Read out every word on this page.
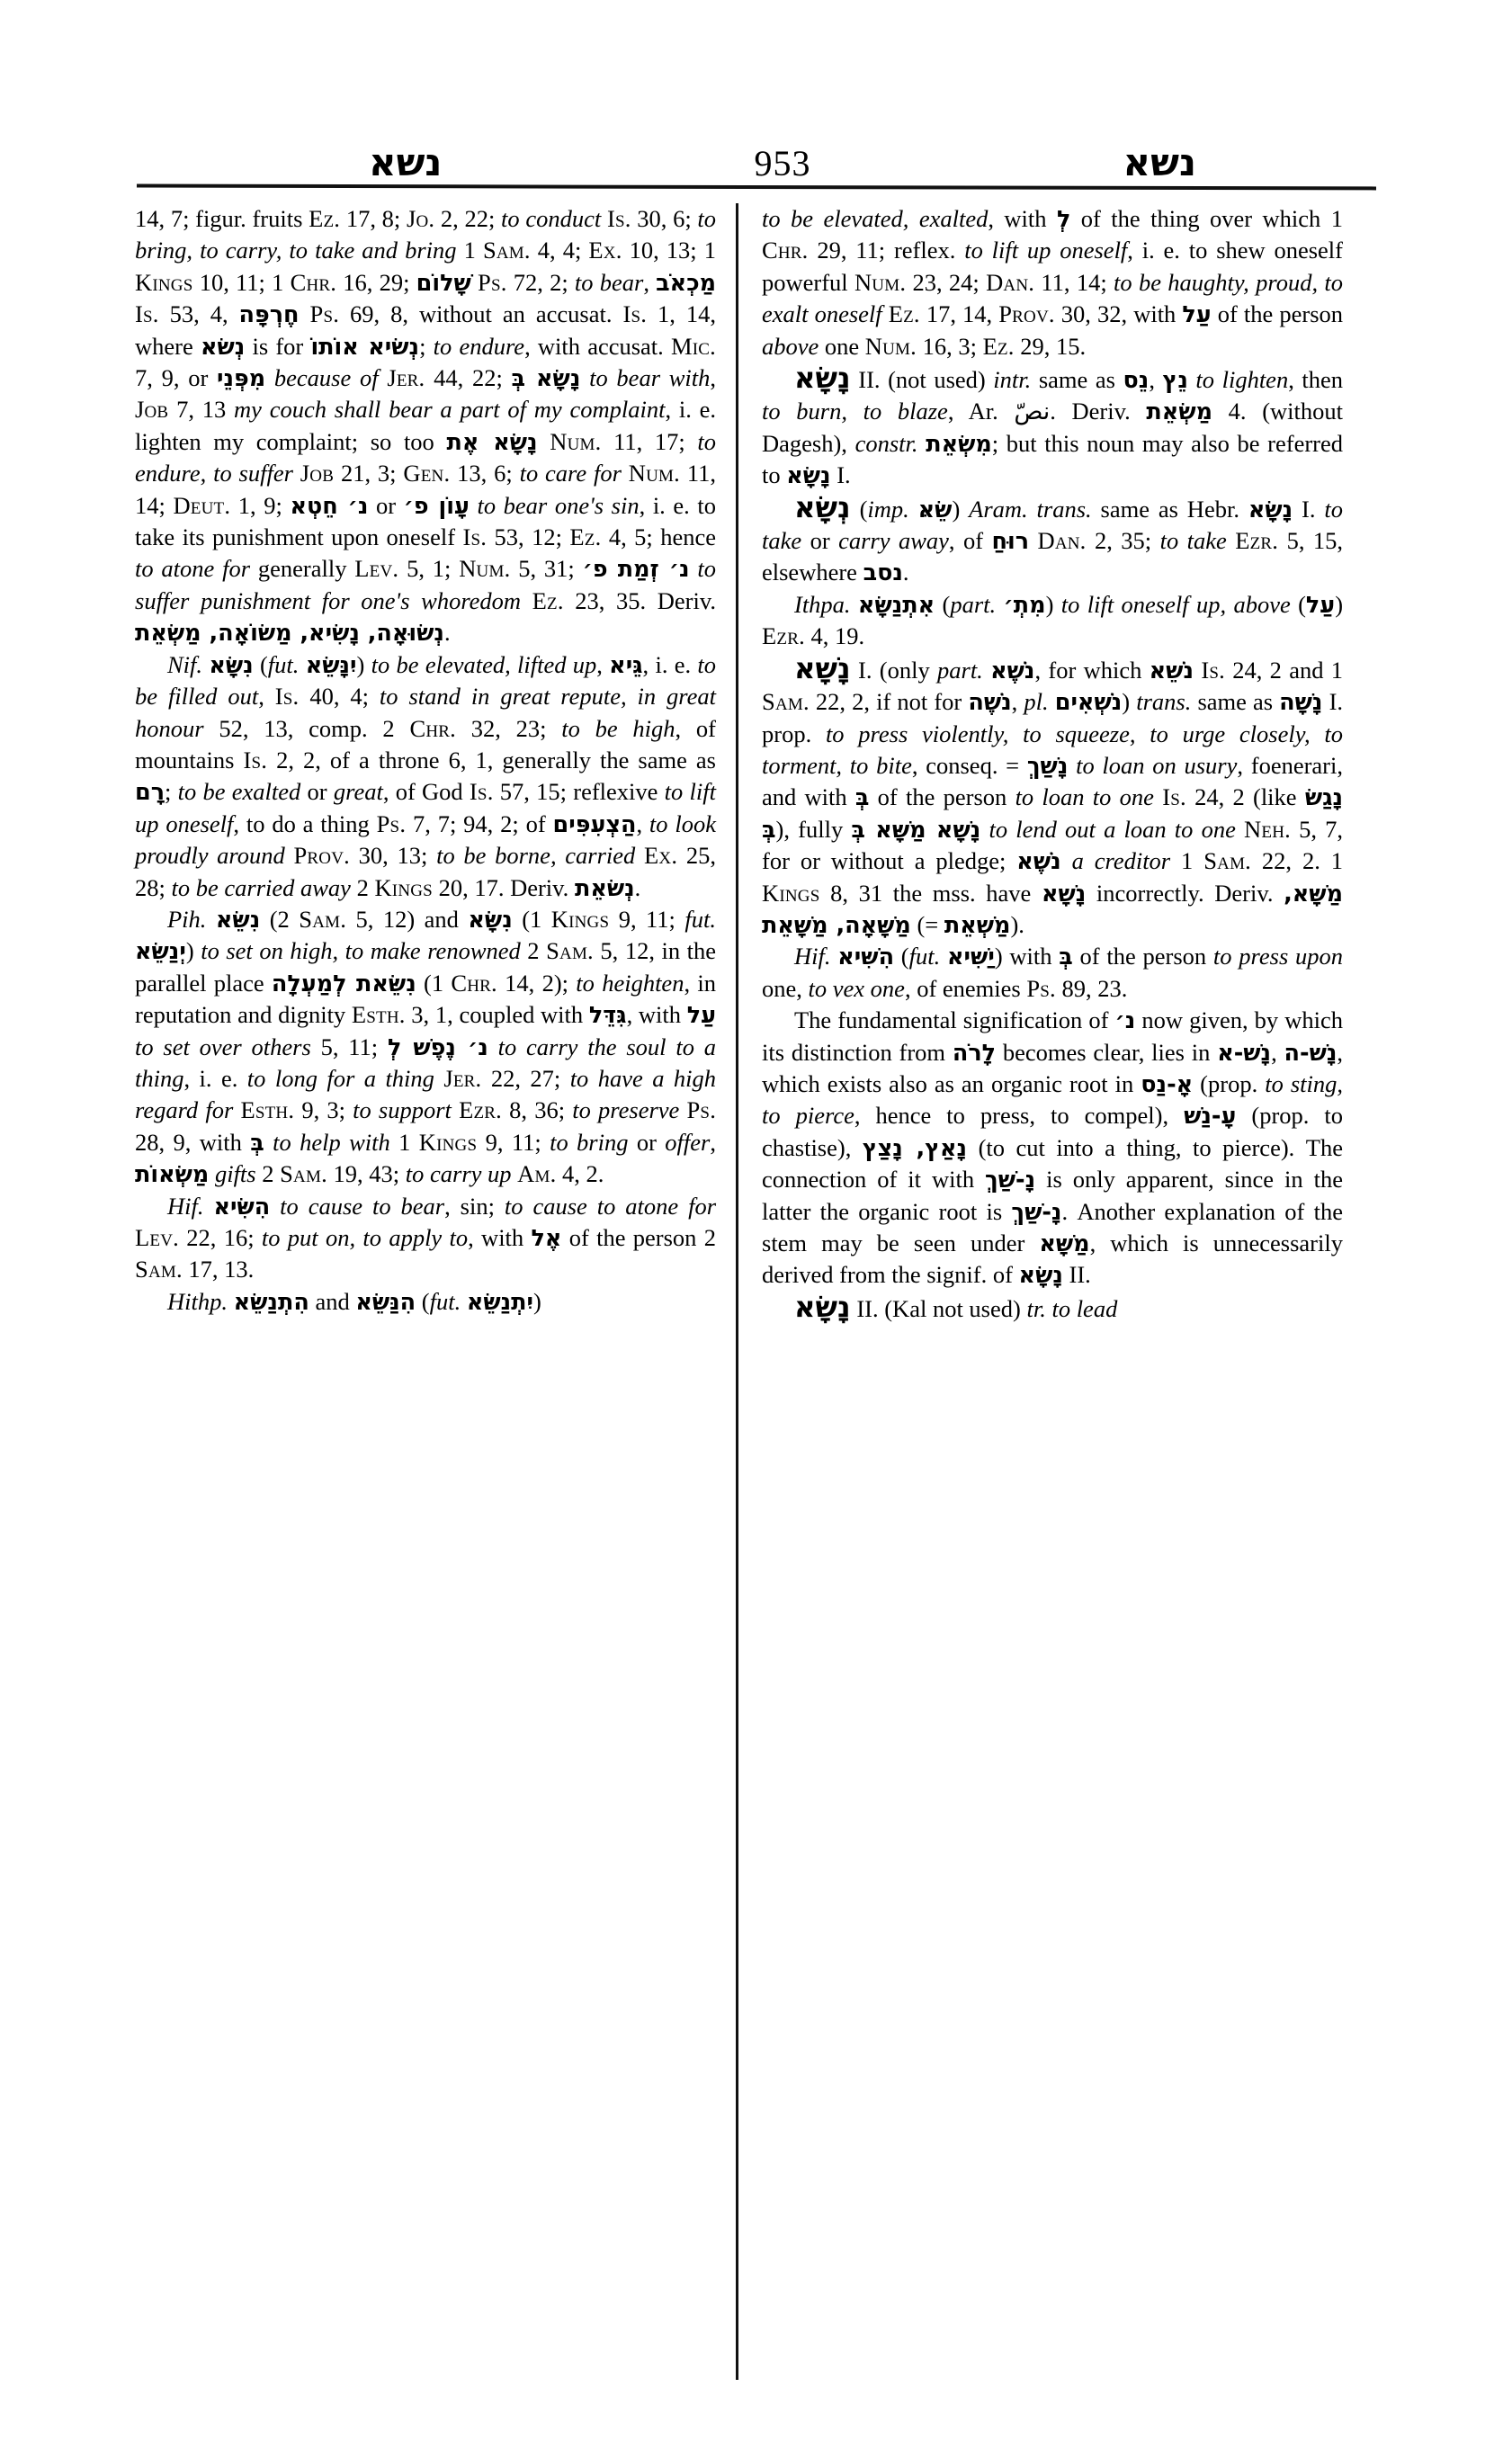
נשא	953	נשא

14, 7; figur. fruits Ez. 17, 8; Jo. 2, 22; to conduct Is. 30, 6; to bring, to carry, to take and bring 1 Sam. 4, 4; Ex. 10, 13; 1 Kings 10, 11; 1 Chr. 16, 29; שָׁלוֹם Ps. 72, 2; to bear, מַכְאֹב Is. 53, 4, חֶרְפָּה Ps. 69, 8, without an accusat. Is. 1, 14, where נְשׂא is for נְשׂיא אוֹתוֹ; to endure, with accusat. Mic. 7, 9, or מִפְּנֵי because of Jer. 44, 22; נָשָׂא בְּ to bear with, Job 7, 13 my couch shall bear a part of my complaint, i. e. lighten my complaint; so too נָשָׂא אֶת Num. 11, 17; to endure, to suffer Job 21, 3; Gen. 13, 6; to care for Num. 11, 14; Deut. 1, 9; נ׳ חֵטְא or עָוֹן פ׳ to bear one's sin, i. e. to take its punishment upon oneself Is. 53, 12; Ez. 4, 5; hence to atone for generally Lev. 5, 1; Num. 5, 31; נ׳ זְמַת פ׳ to suffer punishment for one's whoredom Ez. 23, 35. Deriv. נְשׂוּאָה, נָשִׂיא, מַשׂוֹאָה, מַשְׂאֵת.

Nif. נִשָּׂא (fut. יִנָּשֵׂא) to be elevated, lifted up, גֵּיא, i. e. to be filled out, Is. 40, 4; to stand in great repute, in great honour 52, 13, comp. 2 Chr. 32, 23; to be high, of mountains Is. 2, 2, of a throne 6, 1, generally the same as רָם; to be exalted or great, of God Is. 57, 15; reflexive to lift up oneself, to do a thing Ps. 7, 7; 94, 2; of הַצְעִפִּים, to look proudly around Prov. 30, 13; to be borne, carried Ex. 25, 28; to be carried away 2 Kings 20, 17. Deriv. נְשׂאֵת.

Pih. נִשֵּׂא (2 Sam. 5, 12) and נִשָּׂא (1 Kings 9, 11; fut. יְנַשֵּׂא) to set on high, to make renowned 2 Sam. 5, 12, in the parallel place נִשֵּׂאת לְמַעְלָה (1 Chr. 14, 2); to heighten, in reputation and dignity Esth. 3, 1, coupled with גִּדֵּל, with עַל to set over others 5, 11; נ׳ נֶפֶשׁ לְ to carry the soul to a thing, i. e. to long for a thing Jer. 22, 27; to have a high regard for Esth. 9, 3; to support Ezr. 8, 36; to preserve Ps. 28, 9, with בְּ to help with 1 Kings 9, 11; to bring or offer, מַשְׂאוֹת gifts 2 Sam. 19, 43; to carry up Am. 4, 2.

Hif. הִשִּׂיא to cause to bear, sin; to cause to atone for Lev. 22, 16; to put on, to apply to, with אֶל of the person 2 Sam. 17, 13.

Hithp. הִתְנַשֵּׂא and הִנַּשֵּׂא (fut. יִתְנַשֵּׂא)

to be elevated, exalted, with לְ of the thing over which 1 Chr. 29, 11; reflex. to lift up oneself, i. e. to shew oneself powerful Num. 23, 24; Dan. 11, 14; to be haughty, proud, to exalt oneself Ez. 17, 14, Prov. 30, 32, with עַל of the person above one Num. 16, 3; Ez. 29, 15.

נָשָׂא II. (not used) intr. same as נֵס, נֵץ to lighten, then to burn, to blaze, Ar. نصّ. Deriv. מַשְׂאֵת 4. (without Dagesh), constr. מִשְׂאֵת; but this noun may also be referred to נָשָׂא I.

נְשָׂא (imp. שֵׂאּ) Aram. trans. same as Hebr. נָשָׂא I. to take or carry away, of רוּחַ Dan. 2, 35; to take Ezr. 5, 15, elsewhere נסב.

Ithpa. אִתְנַשָּׂא (part. מִתְ׳) to lift oneself up, above (עַל) Ezr. 4, 19.

נָשָׁא I. (only part. נֹשֶׁא, for which נֹשֵׁא Is. 24, 2 and 1 Sam. 22, 2, if not for נֹשֶׁה, pl. נֹשְׁאִים) trans. same as נָשָׁה I. prop. to press violently, to squeeze, to urge closely, to torment, to bite, conseq. = נָשַׁךְ to loan on usury, foenerari, and with בְּ of the person to loan to one Is. 24, 2 (like נָגַשׂ בְּ), fully נָשָׁא מַשָּׁא בְּ to lend out a loan to one Neh. 5, 7, for or without a pledge; נֹשֶׁא a creditor 1 Sam. 22, 2. 1 Kings 8, 31 the mss. have נָשָׁא incorrectly. Deriv. מַשָּׁא, מַשָּׁאָה, מַשָּׁאֵת (= מַשְׁאֵת).

Hif. הִשִּׁיא (fut. יַשִּׁיא) with בְּ of the person to press upon one, to vex one, of enemies Ps. 89, 23.

The fundamental signification of נ׳ now given, by which its distinction from לָרֹה becomes clear, lies in נָשׁ-א, נָשׁ-ה, which exists also as an organic root in אָ-נַס (prop. to sting, to pierce, hence to press, to compel), עָ-נַשׁ (prop. to chastise), נָאַץ, נָצַץ (to cut into a thing, to pierce). The connection of it with נָ-שַׁךְ is only apparent, since in the latter the organic root is נָ-שַׁךְ. Another explanation of the stem may be seen under מַשָּׁא, which is unnecessarily derived from the signif. of נָשָׂא II.

נָשָׂא II. (Kal not used) tr. to lead
